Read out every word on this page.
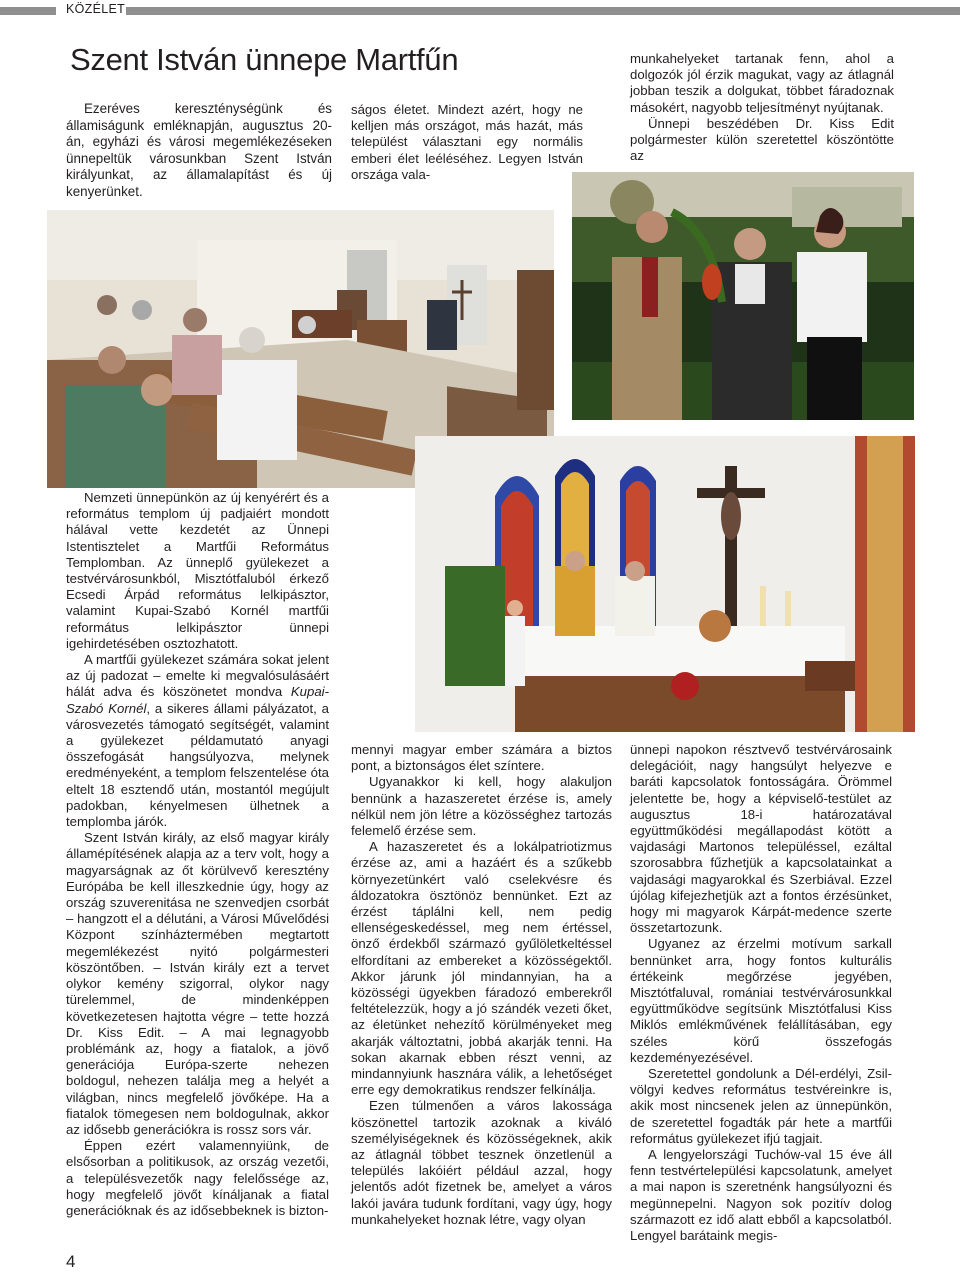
KÖZÉLET
Szent István ünnepe Martfűn

Ezeréves kereszténységünk és államiságunk emléknapján, augusztus 20-án, egyházi és városi megemlékezéseken ünnepeltük városunkban Szent István királyunkat, az államalapítást és új kenyerünket.

ságos életet. Mindezt azért, hogy ne kelljen más országot, más hazát, más települést választani egy normális emberi élet leéléséhez. Legyen István országa vala-

munkahelyeket tartanak fenn, ahol a dolgozók jól érzik magukat, vagy az átlagnál jobban teszik a dolgukat, többet fáradoznak másokért, nagyobb teljesítményt nyújtanak.

Ünnepi beszédében Dr. Kiss Edit polgármester külön szeretettel köszöntötte az

Nemzeti ünnepünkön az új kenyérért és a református templom új padjaiért mondott hálával vette kezdetét az Ünnepi Istentisztelet a Martfűi Református Templomban. Az ünneplő gyülekezet a testvérvárosunkból, Misztótfaluból érkező Ecsedi Árpád református lelkipásztor, valamint Kupai-Szabó Kornél martfűi református lelkipásztor ünnepi igehirdetésében osztozhatott.

A martfűi gyülekezet számára sokat jelent az új padozat – emelte ki megvalósulásáért hálát adva és köszönetet mondva Kupai-Szabó Kornél, a sikeres állami pályázatot, a városvezetés támogató segítségét, valamint a gyülekezet példamutató anyagi összefogását hangsúlyozva, melynek eredményeként, a templom felszentelése óta eltelt 18 esztendő után, mostantól megújult padokban, kényelmesen ülhetnek a templomba járók.

Szent István király, az első magyar király államépítésének alapja az a terv volt, hogy a magyarságnak az őt körülvevő keresztény Európába be kell illeszkednie úgy, hogy az ország szuverenitása ne szenvedjen csorbát – hangzott el a délutáni, a Városi Művelődési Központ színháztermében megtartott megemlékezést nyitó polgármesteri köszöntőben. – István király ezt a tervet olykor kemény szigorral, olykor nagy türelemmel, de mindenképpen következetesen hajtotta végre – tette hozzá Dr. Kiss Edit. – A mai legnagyobb problémánk az, hogy a fiatalok, a jövő generációja Európa-szerte nehezen boldogul, nehezen találja meg a helyét a világban, nincs megfelelő jövőképe. Ha a fiatalok tömegesen nem boldogulnak, akkor az idősebb generációkra is rossz sors vár.

Éppen ezért valamennyiünk, de elsősorban a politikusok, az ország vezetői, a településvezetők nagy felelőssége az, hogy megfelelő jövőt kínáljanak a fiatal generációknak és az idősebbeknek is bizton-

mennyi magyar ember számára a biztos pont, a biztonságos élet színtere.

Ugyanakkor ki kell, hogy alakuljon bennünk a hazaszeretet érzése is, amely nélkül nem jön létre a közösséghez tartozás felemelő érzése sem.

A hazaszeretet és a lokálpatriotizmus érzése az, ami a hazáért és a szűkebb környezetünkért való cselekvésre és áldozatokra ösztönöz bennünket. Ezt az érzést táplálni kell, nem pedig ellenségeskedéssel, meg nem értéssel, önző érdekből származó gyűlöletkeltéssel elfordítani az embereket a közösségektől. Akkor járunk jól mindannyian, ha a közösségi ügyekben fáradozó emberekről feltételezzük, hogy a jó szándék vezeti őket, az életünket nehezítő körülményeket meg akarják változtatni, jobbá akarják tenni. Ha sokan akarnak ebben részt venni, az mindannyiunk hasznára válik, a lehetőséget erre egy demokratikus rendszer felkínálja.

Ezen túlmenően a város lakossága köszönettel tartozik azoknak a kiváló személyiségeknek és közösségeknek, akik az átlagnál többet tesznek önzetlenül a település lakóiért például azzal, hogy jelentős adót fizetnek be, amelyet a város lakói javára tudunk fordítani, vagy úgy, hogy munkahelyeket hoznak létre, vagy olyan

ünnepi napokon résztvevő testvérvárosaink delegációit, nagy hangsúlyt helyezve e baráti kapcsolatok fontosságára. Örömmel jelentette be, hogy a képviselő-testület az augusztus 18-i határozatával együttműködési megállapodást kötött a vajdasági Martonos településsel, ezáltal szorosabbra fűzhetjük a kapcsolatainkat a vajdasági magyarokkal és Szerbiával. Ezzel újólag kifejezhetjük azt a fontos érzésünket, hogy mi magyarok Kárpát-medence szerte összetartozunk.

Ugyanez az érzelmi motívum sarkall bennünket arra, hogy fontos kulturális értékeink megőrzése jegyében, Misztótfaluval, romániai testvérvárosunkkal együttműködve segítsünk Misztótfalusi Kiss Miklós emlékművének felállításában, egy széles körű összefogás kezdeményezésével.

Szeretettel gondolunk a Dél-erdélyi, Zsil-völgyi kedves református testvéreinkre is, akik most nincsenek jelen az ünnepünkön, de szeretettel fogadták pár hete a martfűi református gyülekezet ifjú tagjait.

A lengyelországi Tuchów-val 15 éve áll fenn testvértelepülési kapcsolatunk, amelyet a mai napon is szeretnénk hangsúlyozni és megünnepelni. Nagyon sok pozitív dolog származott ez idő alatt ebből a kapcsolatból. Lengyel barátaink megis-

4
